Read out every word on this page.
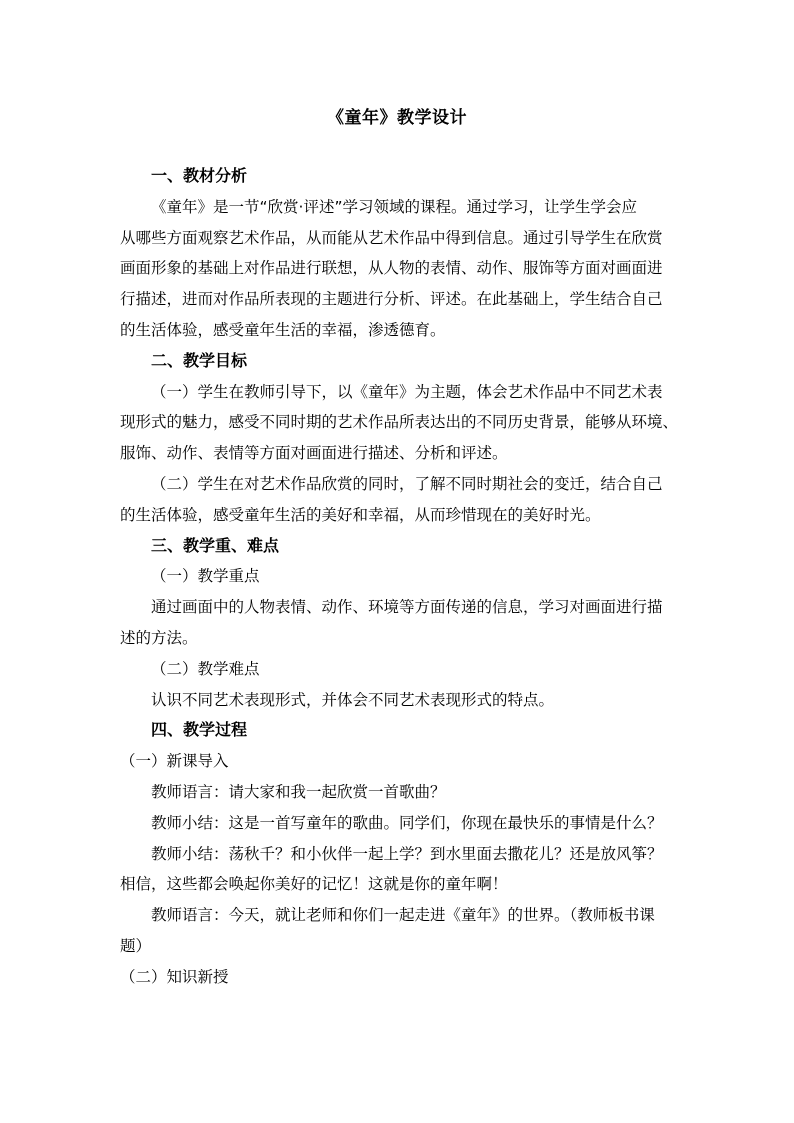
《童年》教学设计
一、教材分析
《童年》是一节“欣赏·评述”学习领域的课程。通过学习，让学生学会应
从哪些方面观察艺术作品，从而能从艺术作品中得到信息。通过引导学生在欣赏
画面形象的基础上对作品进行联想，从人物的表情、动作、服饰等方面对画面进
行描述，进而对作品所表现的主题进行分析、评述。在此基础上，学生结合自己
的生活体验，感受童年生活的幸福，渗透德育。
二、教学目标
（一）学生在教师引导下，以《童年》为主题，体会艺术作品中不同艺术表
现形式的魅力，感受不同时期的艺术作品所表达出的不同历史背景，能够从环境、
服饰、动作、表情等方面对画面进行描述、分析和评述。
（二）学生在对艺术作品欣赏的同时，了解不同时期社会的变迁，结合自己
的生活体验，感受童年生活的美好和幸福，从而珍惜现在的美好时光。
三、教学重、难点
（一）教学重点
通过画面中的人物表情、动作、环境等方面传递的信息，学习对画面进行描
述的方法。
（二）教学难点
认识不同艺术表现形式，并体会不同艺术表现形式的特点。
四、教学过程
（一）新课导入
教师语言：请大家和我一起欣赏一首歌曲？
教师小结：这是一首写童年的歌曲。同学们，你现在最快乐的事情是什么？
教师小结：荡秋千？和小伙伴一起上学？到水里面去撒花儿？还是放风筝？
相信，这些都会唤起你美好的记忆！这就是你的童年啊！
教师语言：今天，就让老师和你们一起走进《童年》的世界。（教师板书课
题）
（二）知识新授
